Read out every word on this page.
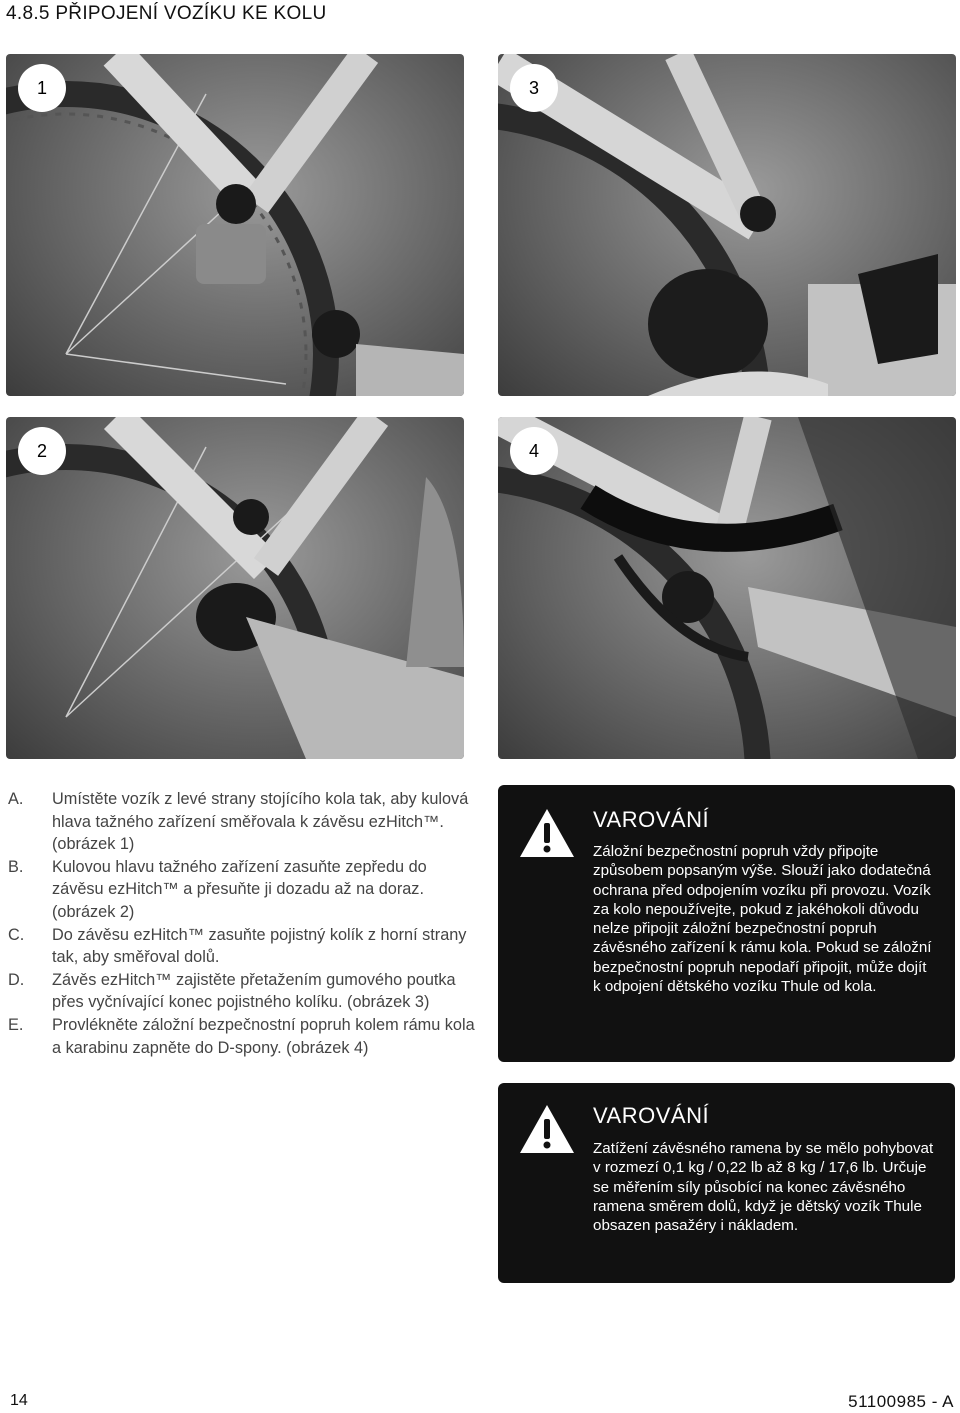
4.8.5 PŘIPOJENÍ VOZÍKU KE KOLU
1	3
2	4
A.	Umístěte vozík z levé strany stojícího kola tak, aby kulová hlava tažného zařízení směřovala k závěsu ezHitch™. (obrázek 1)
B.	Kulovou hlavu tažného zařízení zasuňte zepředu do závěsu ezHitch™ a přesuňte ji dozadu až na doraz. (obrázek 2)
C.	Do závěsu ezHitch™ zasuňte pojistný kolík z horní strany tak, aby směřoval dolů.
D.	Závěs ezHitch™ zajistěte přetažením gumového poutka přes vyčnívající konec pojistného kolíku. (obrázek 3)
E.	Provlékněte záložní bezpečnostní popruh kolem rámu kola a karabinu zapněte do D-spony. (obrázek 4)
VAROVÁNÍ
Záložní bezpečnostní popruh vždy připojte způsobem popsaným výše. Slouží jako dodatečná ochrana před odpojením vozíku při provozu. Vozík za kolo nepoužívejte, pokud z jakéhokoli důvodu nelze připojit záložní bezpečnostní popruh závěsného zařízení k rámu kola. Pokud se záložní bezpečnostní popruh nepodaří připojit, může dojít k odpojení dětského vozíku Thule od kola.
VAROVÁNÍ
Zatížení závěsného ramena by se mělo pohybovat v rozmezí 0,1 kg / 0,22 lb až 8 kg / 17,6 lb. Určuje se měřením síly působící na konec závěsného ramena směrem dolů, když je dětský vozík Thule obsazen pasažéry i nákladem.
14	51100985 - A
